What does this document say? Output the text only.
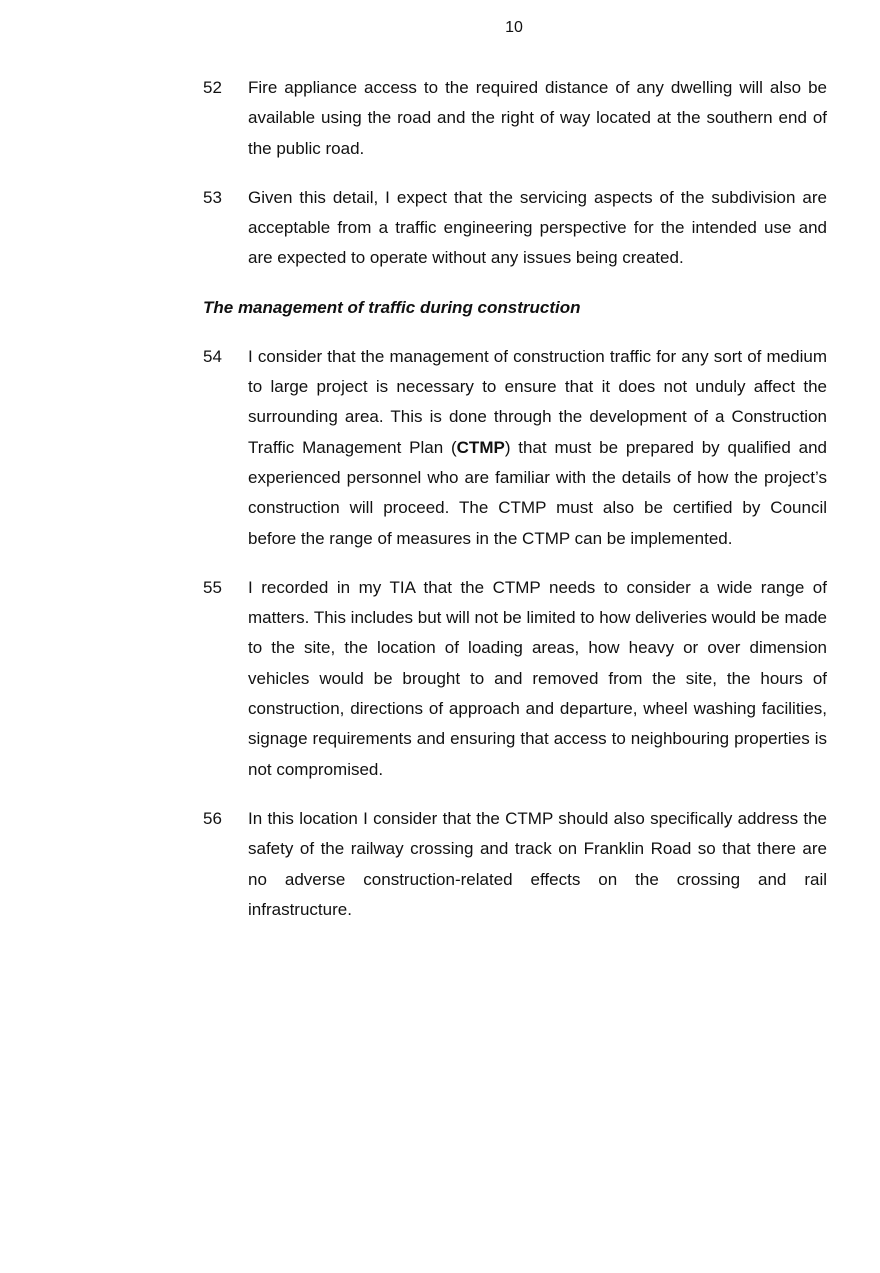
10
52	Fire appliance access to the required distance of any dwelling will also be available using the road and the right of way located at the southern end of the public road.
53	Given this detail, I expect that the servicing aspects of the subdivision are acceptable from a traffic engineering perspective for the intended use and are expected to operate without any issues being created.
The management of traffic during construction
54	I consider that the management of construction traffic for any sort of medium to large project is necessary to ensure that it does not unduly affect the surrounding area. This is done through the development of a Construction Traffic Management Plan (CTMP) that must be prepared by qualified and experienced personnel who are familiar with the details of how the project’s construction will proceed. The CTMP must also be certified by Council before the range of measures in the CTMP can be implemented.
55	I recorded in my TIA that the CTMP needs to consider a wide range of matters. This includes but will not be limited to how deliveries would be made to the site, the location of loading areas, how heavy or over dimension vehicles would be brought to and removed from the site, the hours of construction, directions of approach and departure, wheel washing facilities, signage requirements and ensuring that access to neighbouring properties is not compromised.
56	In this location I consider that the CTMP should also specifically address the safety of the railway crossing and track on Franklin Road so that there are no adverse construction-related effects on the crossing and rail infrastructure.
